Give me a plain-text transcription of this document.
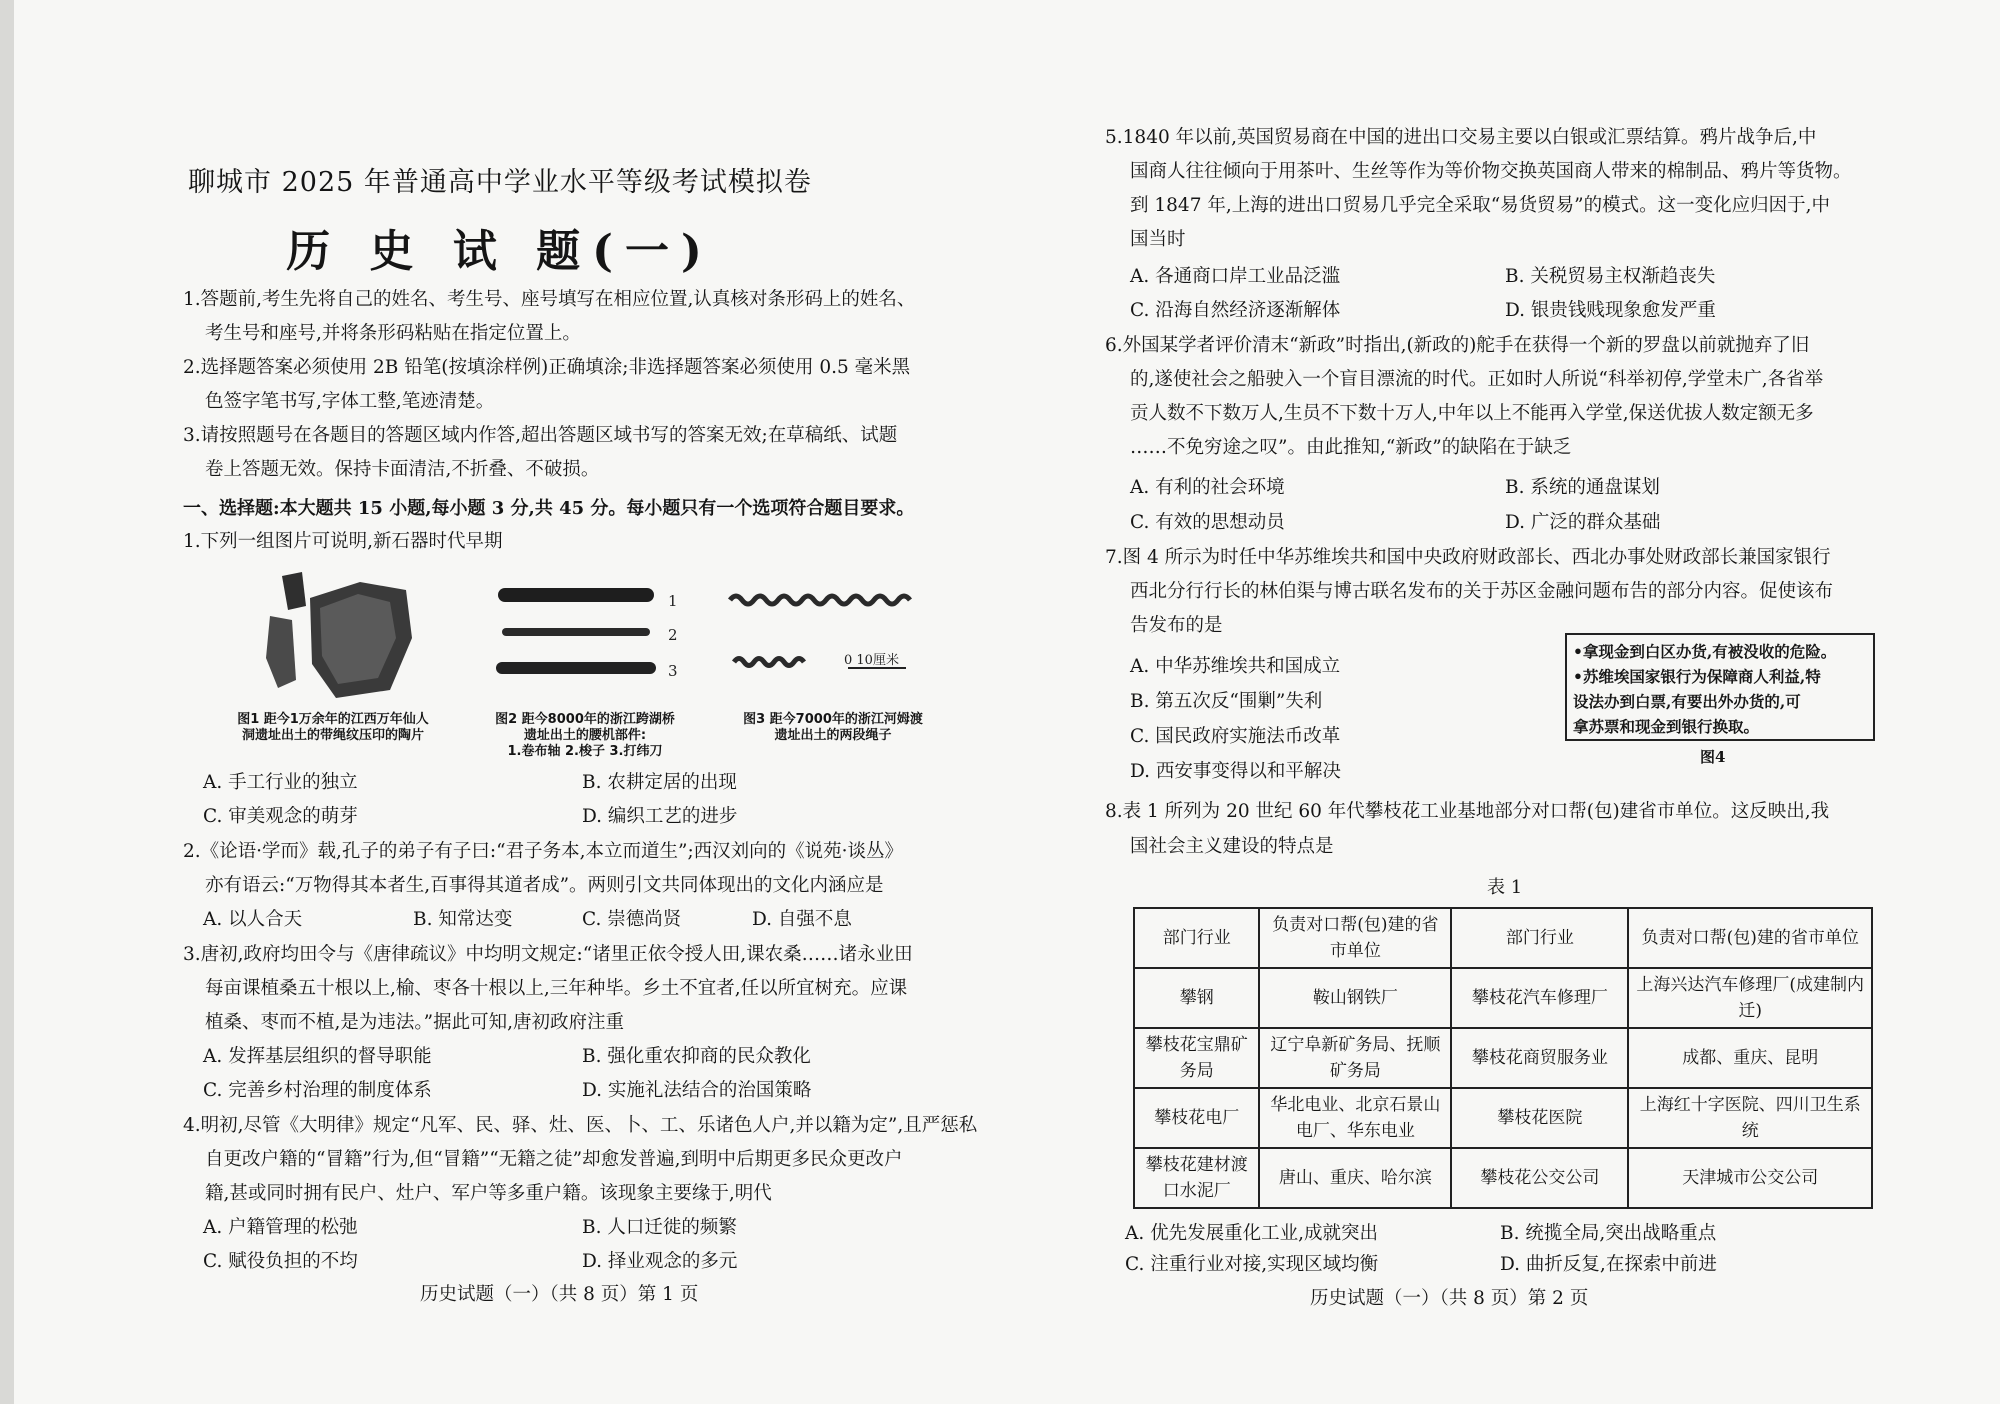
聊城市 2025 年普通高中学业水平等级考试模拟卷
历 史 试 题(一)
1.答题前,考生先将自己的姓名、考生号、座号填写在相应位置,认真核对条形码上的姓名、
考生号和座号,并将条形码粘贴在指定位置上。
2.选择题答案必须使用 2B 铅笔(按填涂样例)正确填涂;非选择题答案必须使用 0.5 毫米黑
色签字笔书写,字体工整,笔迹清楚。
3.请按照题号在各题目的答题区域内作答,超出答题区域书写的答案无效;在草稿纸、试题
卷上答题无效。保持卡面清洁,不折叠、不破损。
一、选择题:本大题共 15 小题,每小题 3 分,共 45 分。每小题只有一个选项符合题目要求。
1.下列一组图片可说明,新石器时代早期
1
2
3
0 10厘米
图1 距今1万余年的江西万年仙人
洞遗址出土的带绳纹压印的陶片
图2 距今8000年的浙江跨湖桥
遗址出土的腰机部件:
1.卷布轴 2.梭子 3.打纬刀
图3 距今7000年的浙江河姆渡
遗址出土的两段绳子
A. 手工行业的独立	B. 农耕定居的出现
C. 审美观念的萌芽	D. 编织工艺的进步
2.《论语·学而》载,孔子的弟子有子曰:“君子务本,本立而道生”;西汉刘向的《说苑·谈丛》
亦有语云:“万物得其本者生,百事得其道者成”。两则引文共同体现出的文化内涵应是
A. 以人合天	B. 知常达变	C. 崇德尚贤	D. 自强不息
3.唐初,政府均田令与《唐律疏议》中均明文规定:“诸里正依令授人田,课农桑……诸永业田
每亩课植桑五十根以上,榆、枣各十根以上,三年种毕。乡土不宜者,任以所宜树充。应课
植桑、枣而不植,是为违法。”据此可知,唐初政府注重
A. 发挥基层组织的督导职能	B. 强化重农抑商的民众教化
C. 完善乡村治理的制度体系	D. 实施礼法结合的治国策略
4.明初,尽管《大明律》规定“凡军、民、驿、灶、医、卜、工、乐诸色人户,并以籍为定”,且严惩私
自更改户籍的“冒籍”行为,但“冒籍”“无籍之徒”却愈发普遍,到明中后期更多民众更改户
籍,甚或同时拥有民户、灶户、军户等多重户籍。该现象主要缘于,明代
A. 户籍管理的松弛	B. 人口迁徙的频繁
C. 赋役负担的不均	D. 择业观念的多元
历史试题（一）（共 8 页）第 1 页
5.1840 年以前,英国贸易商在中国的进出口交易主要以白银或汇票结算。鸦片战争后,中
国商人往往倾向于用茶叶、生丝等作为等价物交换英国商人带来的棉制品、鸦片等货物。
到 1847 年,上海的进出口贸易几乎完全采取“易货贸易”的模式。这一变化应归因于,中
国当时
A. 各通商口岸工业品泛滥	B. 关税贸易主权渐趋丧失
C. 沿海自然经济逐渐解体	D. 银贵钱贱现象愈发严重
6.外国某学者评价清末“新政”时指出,(新政的)舵手在获得一个新的罗盘以前就抛弃了旧
的,遂使社会之船驶入一个盲目漂流的时代。正如时人所说“科举初停,学堂未广,各省举
贡人数不下数万人,生员不下数十万人,中年以上不能再入学堂,保送优拔人数定额无多
……不免穷途之叹”。由此推知,“新政”的缺陷在于缺乏
A. 有利的社会环境	B. 系统的通盘谋划
C. 有效的思想动员	D. 广泛的群众基础
7.图 4 所示为时任中华苏维埃共和国中央政府财政部长、西北办事处财政部长兼国家银行
西北分行行长的林伯渠与博古联名发布的关于苏区金融问题布告的部分内容。促使该布
告发布的是
•拿现金到白区办货,有被没收的危险。
•苏维埃国家银行为保障商人利益,特
设法办到白票,有要出外办货的,可
拿苏票和现金到银行换取。
图4
A. 中华苏维埃共和国成立
B. 第五次反“围剿”失利
C. 国民政府实施法币改革
D. 西安事变得以和平解决
8.表 1 所列为 20 世纪 60 年代攀枝花工业基地部分对口帮(包)建省市单位。这反映出,我
国社会主义建设的特点是
表 1
部门行业	负责对口帮(包)建的省市单位	部门行业	负责对口帮(包)建的省市单位
攀钢	鞍山钢铁厂	攀枝花汽车修理厂	上海兴达汽车修理厂(成建制内迁)
攀枝花宝鼎矿务局	辽宁阜新矿务局、抚顺矿务局	攀枝花商贸服务业	成都、重庆、昆明
攀枝花电厂	华北电业、北京石景山电厂、华东电业	攀枝花医院	上海红十字医院、四川卫生系统
攀枝花建材渡口水泥厂	唐山、重庆、哈尔滨	攀枝花公交公司	天津城市公交公司
A. 优先发展重化工业,成就突出	B. 统揽全局,突出战略重点
C. 注重行业对接,实现区域均衡	D. 曲折反复,在探索中前进
历史试题（一）（共 8 页）第 2 页
